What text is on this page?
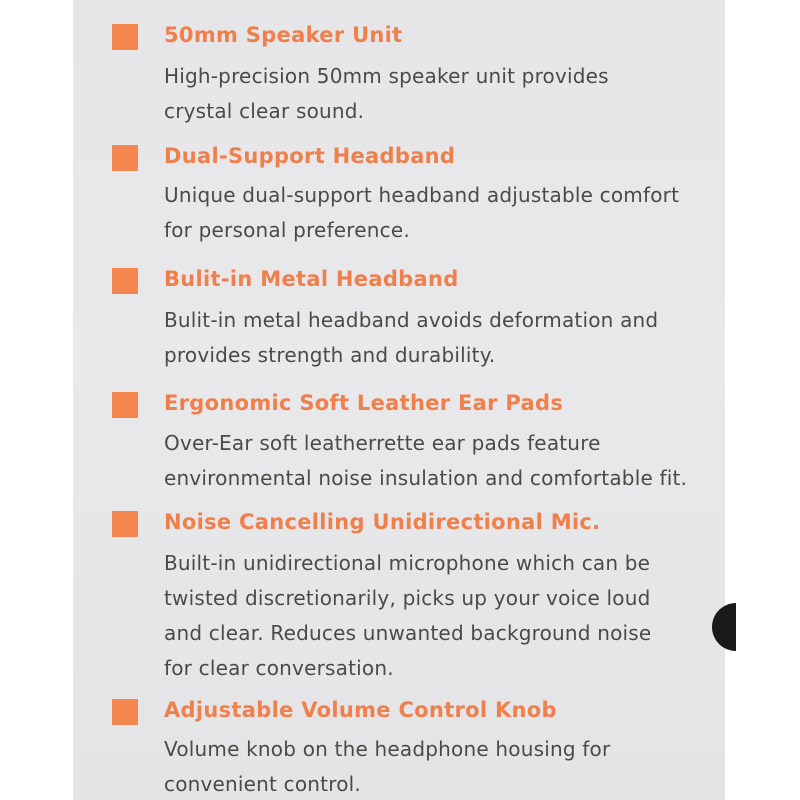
50mm Speaker Unit
High-precision 50mm speaker unit provides
crystal clear sound.
Dual-Support Headband
Unique dual-support headband adjustable comfort
for personal preference.
Bulit-in Metal Headband
Bulit-in metal headband avoids deformation and
provides strength and durability.
Ergonomic Soft Leather Ear Pads
Over-Ear soft leatherrette ear pads feature
environmental noise insulation and comfortable fit.
Noise Cancelling Unidirectional Mic.
Built-in unidirectional microphone which can be
twisted discretionarily, picks up your voice loud
and clear. Reduces unwanted background noise
for clear conversation.
Adjustable Volume Control Knob
Volume knob on the headphone housing for
convenient control.
